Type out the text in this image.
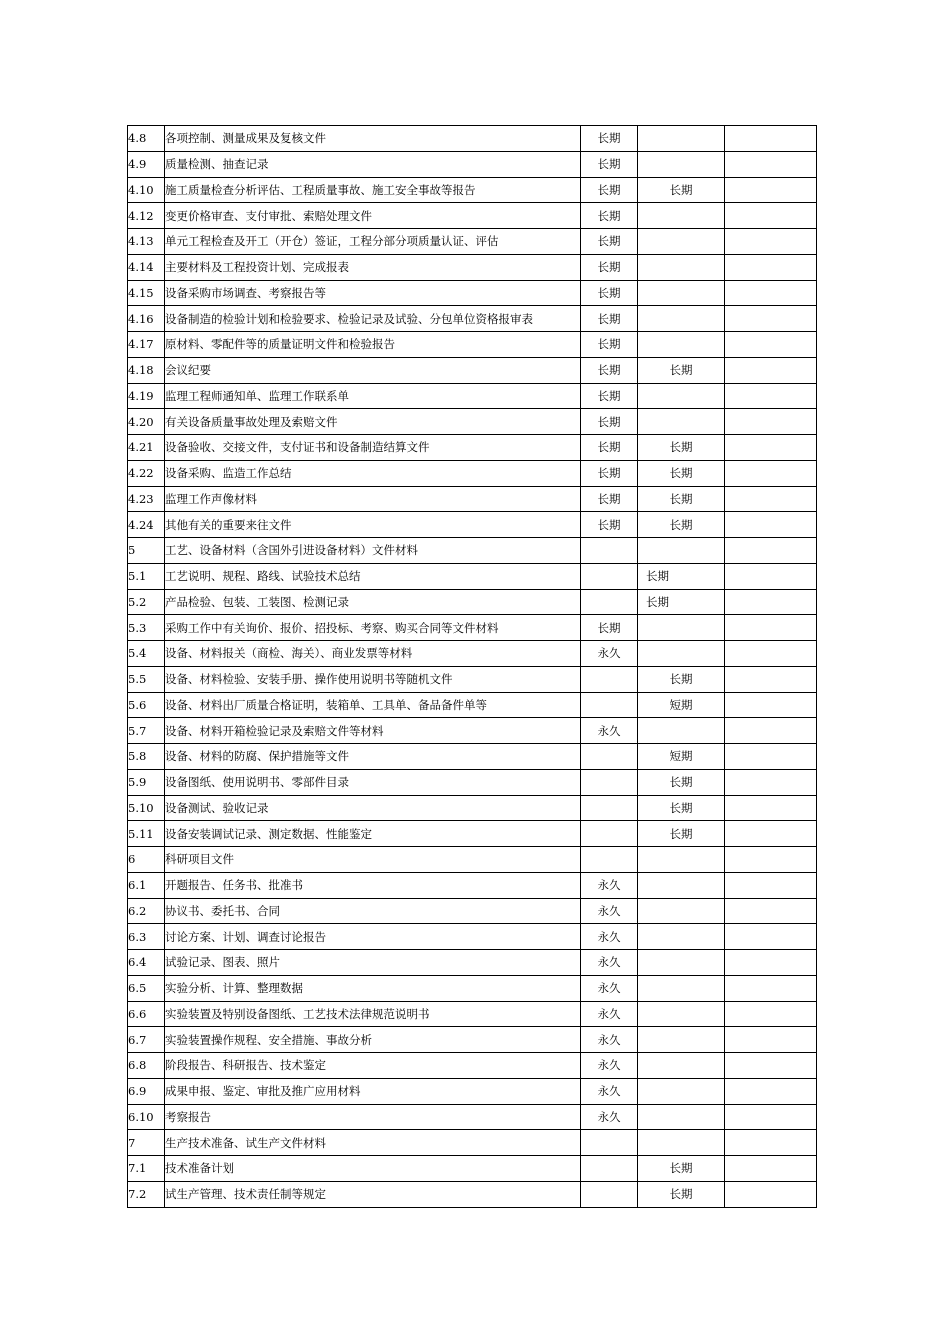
4.8	各项控制、测量成果及复核文件	长期		
4.9	质量检测、抽查记录	长期		
4.10	施工质量检查分析评估、工程质量事故、施工安全事故等报告	长期	长期	
4.12	变更价格审查、支付审批、索赔处理文件	长期		
4.13	单元工程检查及开工（开仓）签证，工程分部分项质量认证、评估	长期		
4.14	主要材料及工程投资计划、完成报表	长期		
4.15	设备采购市场调查、考察报告等	长期		
4.16	设备制造的检验计划和检验要求、检验记录及试验、分包单位资格报审表	长期		
4.17	原材料、零配件等的质量证明文件和检验报告	长期		
4.18	会议纪要	长期	长期	
4.19	监理工程师通知单、监理工作联系单	长期		
4.20	有关设备质量事故处理及索赔文件	长期		
4.21	设备验收、交接文件，支付证书和设备制造结算文件	长期	长期	
4.22	设备采购、监造工作总结	长期	长期	
4.23	监理工作声像材料	长期	长期	
4.24	其他有关的重要来往文件	长期	长期	
5	工艺、设备材料（含国外引进设备材料）文件材料			
5.1	工艺说明、规程、路线、试验技术总结		长期	
5.2	产品检验、包装、工装图、检测记录		长期	
5.3	采购工作中有关询价、报价、招投标、考察、购买合同等文件材料	长期		
5.4	设备、材料报关（商检、海关）、商业发票等材料	永久		
5.5	设备、材料检验、安装手册、操作使用说明书等随机文件		长期	
5.6	设备、材料出厂质量合格证明，装箱单、工具单、备品备件单等		短期	
5.7	设备、材料开箱检验记录及索赔文件等材料	永久		
5.8	设备、材料的防腐、保护措施等文件		短期	
5.9	设备图纸、使用说明书、零部件目录		长期	
5.10	设备测试、验收记录		长期	
5.11	设备安装调试记录、测定数据、性能鉴定		长期	
6	科研项目文件			
6.1	开题报告、任务书、批准书	永久		
6.2	协议书、委托书、合同	永久		
6.3	讨论方案、计划、调查讨论报告	永久		
6.4	试验记录、图表、照片	永久		
6.5	实验分析、计算、整理数据	永久		
6.6	实验装置及特别设备图纸、工艺技术法律规范说明书	永久		
6.7	实验装置操作规程、安全措施、事故分析	永久		
6.8	阶段报告、科研报告、技术鉴定	永久		
6.9	成果申报、鉴定、审批及推广应用材料	永久		
6.10	考察报告	永久		
7	生产技术准备、试生产文件材料			
7.1	技术准备计划		长期	
7.2	试生产管理、技术责任制等规定		长期	
